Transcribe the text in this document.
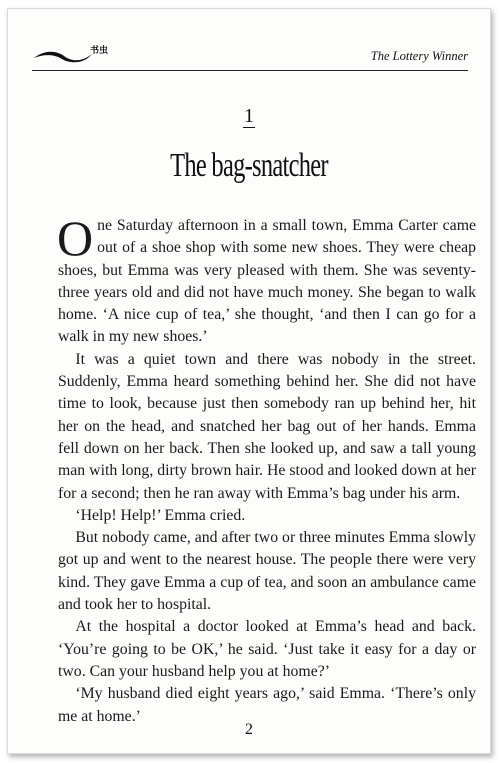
书虫	The Lottery Winner
1
The bag-snatcher

One Saturday afternoon in a small town, Emma Carter came out of a shoe shop with some new shoes. They were cheap shoes, but Emma was very pleased with them. She was seventy-three years old and did not have much money. She began to walk home. ‘A nice cup of tea,’ she thought, ‘and then I can go for a walk in my new shoes.’

It was a quiet town and there was nobody in the street. Suddenly, Emma heard something behind her. She did not have time to look, because just then somebody ran up behind her, hit her on the head, and snatched her bag out of her hands. Emma fell down on her back. Then she looked up, and saw a tall young man with long, dirty brown hair. He stood and looked down at her for a second; then he ran away with Emma’s bag under his arm.

‘Help! Help!’ Emma cried.

But nobody came, and after two or three minutes Emma slowly got up and went to the nearest house. The people there were very kind. They gave Emma a cup of tea, and soon an ambulance came and took her to hospital.

At the hospital a doctor looked at Emma’s head and back. ‘You’re going to be OK,’ he said. ‘Just take it easy for a day or two. Can your husband help you at home?’

‘My husband died eight years ago,’ said Emma. ‘There’s only me at home.’

2
